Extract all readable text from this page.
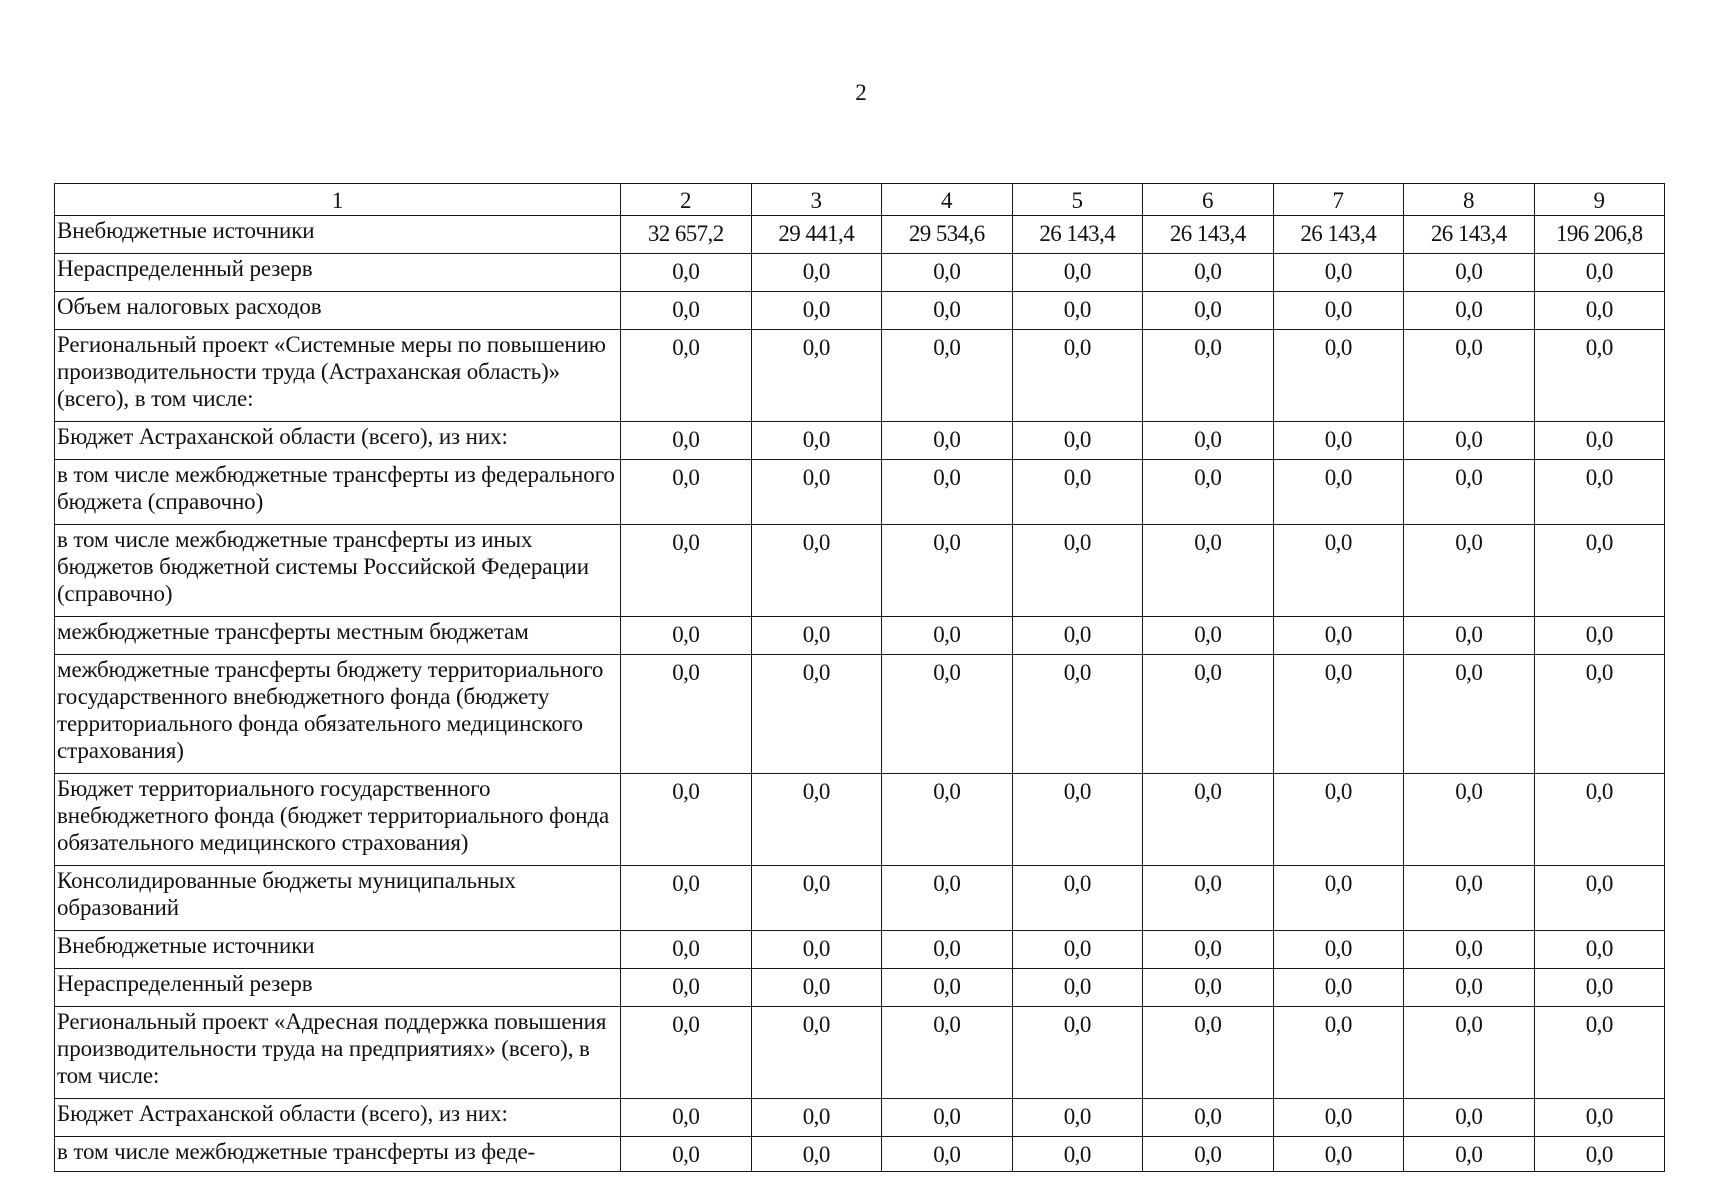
2
1	2	3	4	5	6	7	8	9
Внебюджетные источники	32 657,2	29 441,4	29 534,6	26 143,4	26 143,4	26 143,4	26 143,4	196 206,8
Нераспределенный резерв	0,0	0,0	0,0	0,0	0,0	0,0	0,0	0,0
Объем налоговых расходов	0,0	0,0	0,0	0,0	0,0	0,0	0,0	0,0
Региональный проект «Системные меры по повышению производительности труда (Астраханская область)» (всего), в том числе:	0,0	0,0	0,0	0,0	0,0	0,0	0,0	0,0
Бюджет Астраханской области (всего), из них:	0,0	0,0	0,0	0,0	0,0	0,0	0,0	0,0
в том числе межбюджетные трансферты из федерального бюджета (справочно)	0,0	0,0	0,0	0,0	0,0	0,0	0,0	0,0
в том числе межбюджетные трансферты из иных бюджетов бюджетной системы Российской Федерации (справочно)	0,0	0,0	0,0	0,0	0,0	0,0	0,0	0,0
межбюджетные трансферты местным бюджетам	0,0	0,0	0,0	0,0	0,0	0,0	0,0	0,0
межбюджетные трансферты бюджету территориального государственного внебюджетного фонда (бюджету территориального фонда обязательного медицинского страхования)	0,0	0,0	0,0	0,0	0,0	0,0	0,0	0,0
Бюджет территориального государственного внебюджетного фонда (бюджет территориального фонда обязательного медицинского страхования)	0,0	0,0	0,0	0,0	0,0	0,0	0,0	0,0
Консолидированные бюджеты муниципальных образований	0,0	0,0	0,0	0,0	0,0	0,0	0,0	0,0
Внебюджетные источники	0,0	0,0	0,0	0,0	0,0	0,0	0,0	0,0
Нераспределенный резерв	0,0	0,0	0,0	0,0	0,0	0,0	0,0	0,0
Региональный проект «Адресная поддержка повышения производительности труда на предприятиях» (всего), в том числе:	0,0	0,0	0,0	0,0	0,0	0,0	0,0	0,0
Бюджет Астраханской области (всего), из них:	0,0	0,0	0,0	0,0	0,0	0,0	0,0	0,0
в том числе межбюджетные трансферты из феде-	0,0	0,0	0,0	0,0	0,0	0,0	0,0	0,0
